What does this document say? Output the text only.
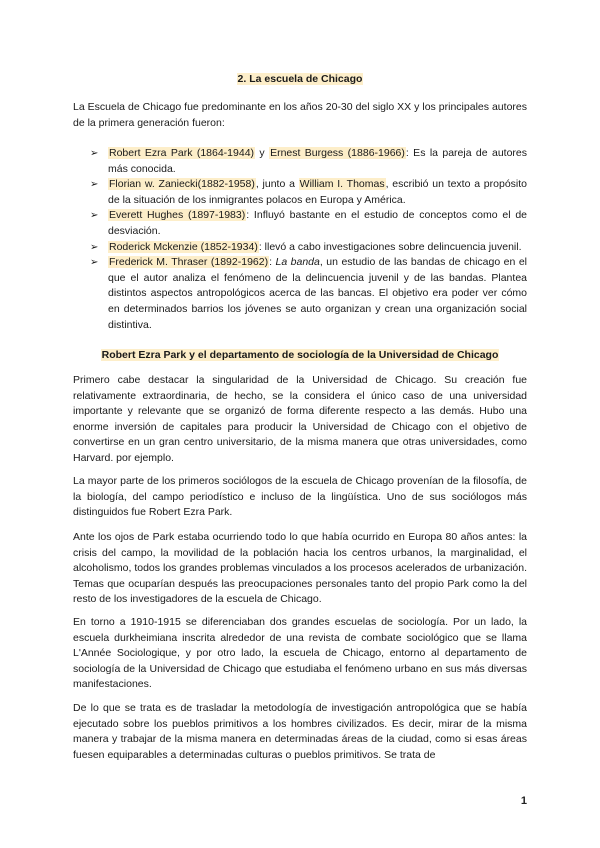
2. La escuela de Chicago

La Escuela de Chicago fue predominante en los años 20-30 del siglo XX y los principales autores de la primera generación fueron:

➢ Robert Ezra Park (1864-1944) y Ernest Burgess (1886-1966): Es la pareja de autores más conocida.
➢ Florian w. Zaniecki(1882-1958), junto a William I. Thomas, escribió un texto a propósito de la situación de los inmigrantes polacos en Europa y América.
➢ Everett Hughes (1897-1983): Influyó bastante en el estudio de conceptos como el de desviación.
➢ Roderick Mckenzie (1852-1934): llevó a cabo investigaciones sobre delincuencia juvenil.
➢ Frederick M. Thraser (1892-1962): La banda, un estudio de las bandas de chicago en el que el autor analiza el fenómeno de la delincuencia juvenil y de las bandas. Plantea distintos aspectos antropológicos acerca de las bancas. El objetivo era poder ver cómo en determinados barrios los jóvenes se auto organizan y crean una organización social distintiva.
Robert Ezra Park y el departamento de sociología de la Universidad de Chicago

Primero cabe destacar la singularidad de la Universidad de Chicago. Su creación fue relativamente extraordinaria, de hecho, se la considera el único caso de una universidad importante y relevante que se organizó de forma diferente respecto a las demás. Hubo una enorme inversión de capitales para producir la Universidad de Chicago con el objetivo de convertirse en un gran centro universitario, de la misma manera que otras universidades, como Harvard. por ejemplo.

La mayor parte de los primeros sociólogos de la escuela de Chicago provenían de la filosofía, de la biología, del campo periodístico e incluso de la lingüística. Uno de sus sociólogos más distinguidos fue Robert Ezra Park.

Ante los ojos de Park estaba ocurriendo todo lo que había ocurrido en Europa 80 años antes: la crisis del campo, la movilidad de la población hacia los centros urbanos, la marginalidad, el alcoholismo, todos los grandes problemas vinculados a los procesos acelerados de urbanización. Temas que ocuparían después las preocupaciones personales tanto del propio Park como la del resto de los investigadores de la escuela de Chicago.

En torno a 1910-1915 se diferenciaban dos grandes escuelas de sociología. Por un lado, la escuela durkheimiana inscrita alrededor de una revista de combate sociológico que se llama L'Année Sociologique, y por otro lado, la escuela de Chicago, entorno al departamento de sociología de la Universidad de Chicago que estudiaba el fenómeno urbano en sus más diversas manifestaciones.

De lo que se trata es de trasladar la metodología de investigación antropológica que se había ejecutado sobre los pueblos primitivos a los hombres civilizados. Es decir, mirar de la misma manera y trabajar de la misma manera en determinadas áreas de la ciudad, como si esas áreas fuesen equiparables a determinadas culturas o pueblos primitivos. Se trata de

1
